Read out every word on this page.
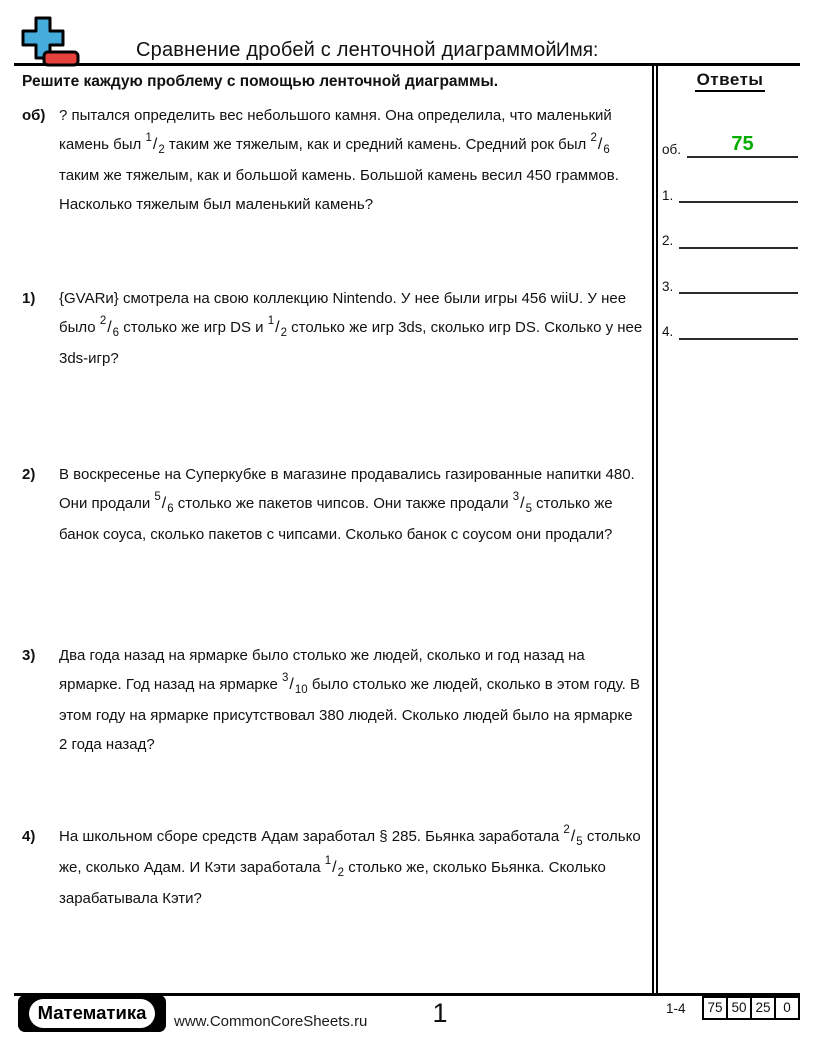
Сравнение дробей с ленточной диаграммой Имя:
Решите каждую проблему с помощью ленточной диаграммы.
об) ? пытался определить вес небольшого камня. Она определила, что маленький камень был $^1/_2$ таким же тяжелым, как и средний камень. Средний рок был $^2/_6$ таким же тяжелым, как и большой камень. Большой камень весил 450 граммов. Насколько тяжелым был маленький камень?
1)	{GVARи} смотрела на свою коллекцию Nintendo. У нее были игры 456 wiiU. У нее было $^2/_6$ столько же игр DS и $^1/_2$ столько же игр 3ds, сколько игр DS. Сколько у нее 3ds-игр?
2)	В воскресенье на Суперкубке в магазине продавались газированные напитки 480. Они продали $^5/_6$ столько же пакетов чипсов. Они также продали $^3/_5$ столько же банок соуса, сколько пакетов с чипсами. Сколько банок с соусом они продали?
3)	Два года назад на ярмарке было столько же людей, сколько и год назад на ярмарке. Год назад на ярмарке $^3/_{10}$ было столько же людей, сколько в этом году. В этом году на ярмарке присутствовал 380 людей. Сколько людей было на ярмарке 2 года назад?
4)	На школьном сборе средств Адам заработал § 285. Бьянка заработала $^2/_5$ столько же, сколько Адам. И Кэти заработала $^1/_2$ столько же, сколько Бьянка. Сколько зарабатывала Кэти?
Ответы
об.	75
1.
2.
3.
4.
Математика	www.CommonCoreSheets.ru	1	1-4 75 50 25 0
